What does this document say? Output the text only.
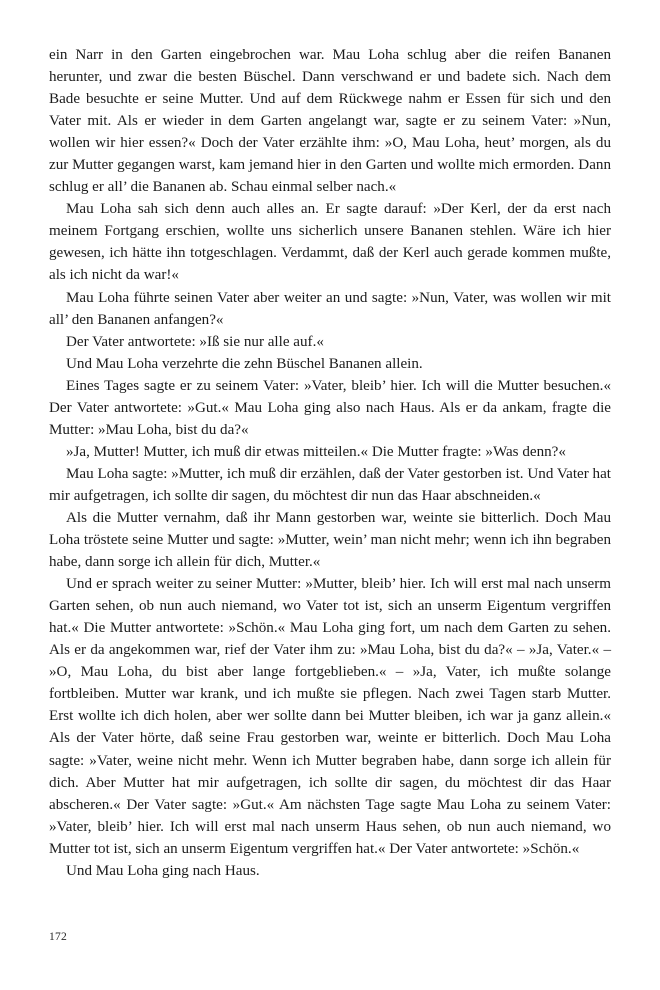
ein Narr in den Garten eingebrochen war. Mau Loha schlug aber die reifen Bananen herunter, und zwar die besten Büschel. Dann verschwand er und badete sich. Nach dem Bade besuchte er seine Mutter. Und auf dem Rückwege nahm er Essen für sich und den Vater mit. Als er wieder in dem Garten angelangt war, sagte er zu seinem Vater: »Nun, wollen wir hier essen?« Doch der Vater erzählte ihm: »O, Mau Loha, heut’ morgen, als du zur Mutter gegangen warst, kam jemand hier in den Garten und wollte mich ermorden. Dann schlug er all’ die Bananen ab. Schau einmal selber nach.«

Mau Loha sah sich denn auch alles an. Er sagte darauf: »Der Kerl, der da erst nach meinem Fortgang erschien, wollte uns sicherlich unsere Bananen stehlen. Wäre ich hier gewesen, ich hätte ihn totgeschlagen. Verdammt, daß der Kerl auch gerade kommen mußte, als ich nicht da war!«

Mau Loha führte seinen Vater aber weiter an und sagte: »Nun, Vater, was wollen wir mit all’ den Bananen anfangen?«

Der Vater antwortete: »Iß sie nur alle auf.«

Und Mau Loha verzehrte die zehn Büschel Bananen allein.

Eines Tages sagte er zu seinem Vater: »Vater, bleib’ hier. Ich will die Mutter besuchen.« Der Vater antwortete: »Gut.« Mau Loha ging also nach Haus. Als er da ankam, fragte die Mutter: »Mau Loha, bist du da?«

»Ja, Mutter! Mutter, ich muß dir etwas mitteilen.« Die Mutter fragte: »Was denn?«

Mau Loha sagte: »Mutter, ich muß dir erzählen, daß der Vater gestorben ist. Und Vater hat mir aufgetragen, ich sollte dir sagen, du möchtest dir nun das Haar abschneiden.«

Als die Mutter vernahm, daß ihr Mann gestorben war, weinte sie bitterlich. Doch Mau Loha tröstete seine Mutter und sagte: »Mutter, wein’ man nicht mehr; wenn ich ihn begraben habe, dann sorge ich allein für dich, Mutter.«

Und er sprach weiter zu seiner Mutter: »Mutter, bleib’ hier. Ich will erst mal nach unserm Garten sehen, ob nun auch niemand, wo Vater tot ist, sich an unserm Eigentum vergriffen hat.« Die Mutter antwortete: »Schön.« Mau Loha ging fort, um nach dem Garten zu sehen. Als er da angekommen war, rief der Vater ihm zu: »Mau Loha, bist du da?« – »Ja, Vater.« – »O, Mau Loha, du bist aber lange fortgeblieben.« – »Ja, Vater, ich mußte solange fortbleiben. Mutter war krank, und ich mußte sie pflegen. Nach zwei Tagen starb Mutter. Erst wollte ich dich holen, aber wer sollte dann bei Mutter bleiben, ich war ja ganz allein.« Als der Vater hörte, daß seine Frau gestorben war, weinte er bitterlich. Doch Mau Loha sagte: »Vater, weine nicht mehr. Wenn ich Mutter begraben habe, dann sorge ich allein für dich. Aber Mutter hat mir aufgetragen, ich sollte dir sagen, du möchtest dir das Haar abscheren.« Der Vater sagte: »Gut.« Am nächsten Tage sagte Mau Loha zu seinem Vater: »Vater, bleib’ hier. Ich will erst mal nach unserm Haus sehen, ob nun auch niemand, wo Mutter tot ist, sich an unserm Eigentum vergriffen hat.« Der Vater antwortete: »Schön.«

Und Mau Loha ging nach Haus.

172
